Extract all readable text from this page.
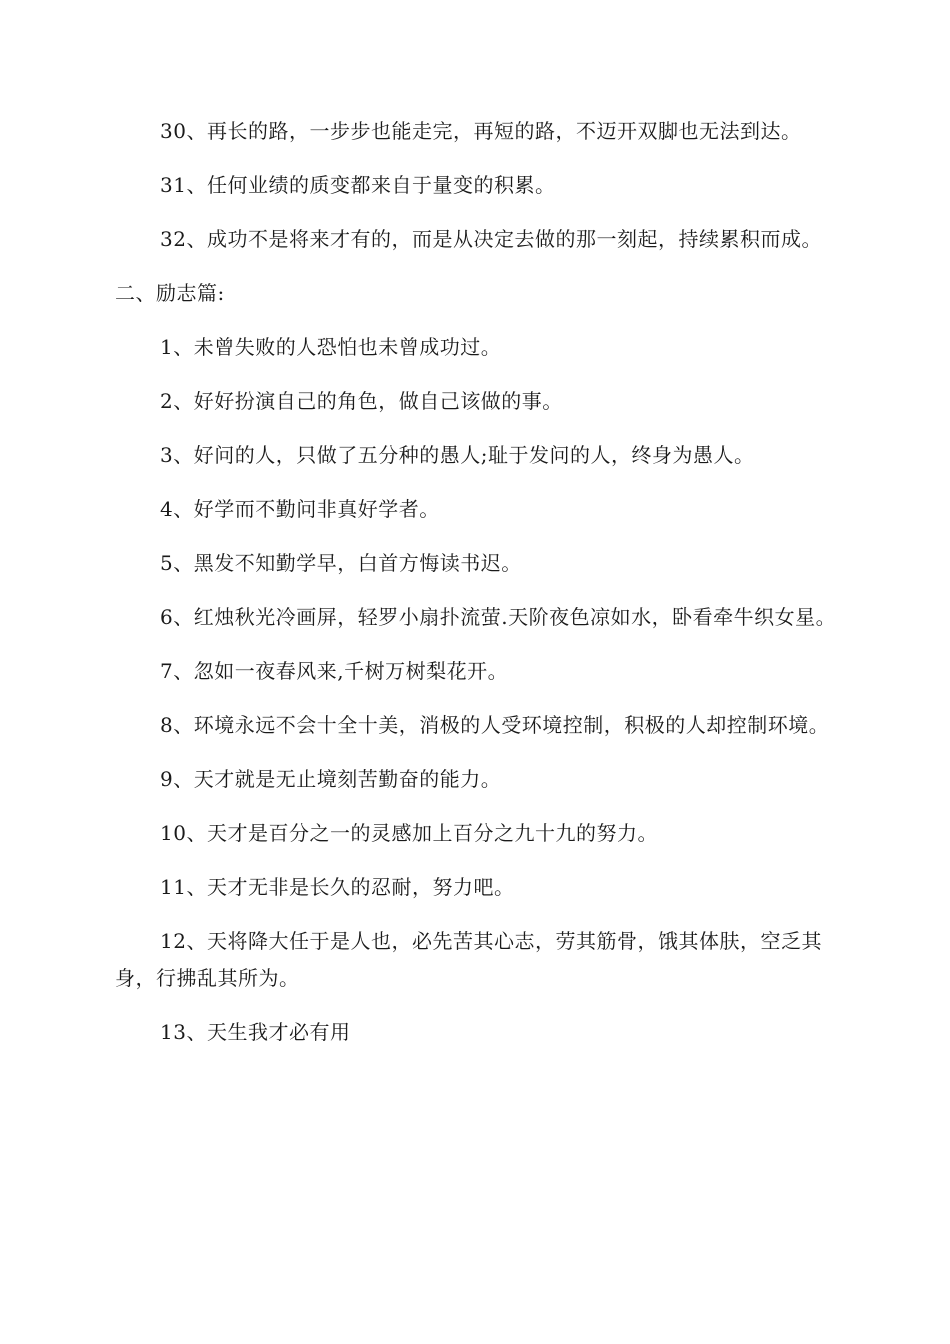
30、再长的路，一步步也能走完，再短的路，不迈开双脚也无法到达。

31、任何业绩的质变都来自于量变的积累。

32、成功不是将来才有的，而是从决定去做的那一刻起，持续累积而成。

二、励志篇:

1、未曾失败的人恐怕也未曾成功过。

2、好好扮演自己的角色，做自己该做的事。

3、好问的人，只做了五分种的愚人;耻于发问的人，终身为愚人。

4、好学而不勤问非真好学者。

5、黑发不知勤学早，白首方悔读书迟。

6、红烛秋光冷画屏，轻罗小扇扑流萤.天阶夜色凉如水，卧看牵牛织女星。

7、忽如一夜春风来,千树万树梨花开。

8、环境永远不会十全十美，消极的人受环境控制，积极的人却控制环境。

9、天才就是无止境刻苦勤奋的能力。

10、天才是百分之一的灵感加上百分之九十九的努力。

11、天才无非是长久的忍耐，努力吧。

12、天将降大任于是人也，必先苦其心志，劳其筋骨，饿其体肤，空乏其身，行拂乱其所为。

13、天生我才必有用
